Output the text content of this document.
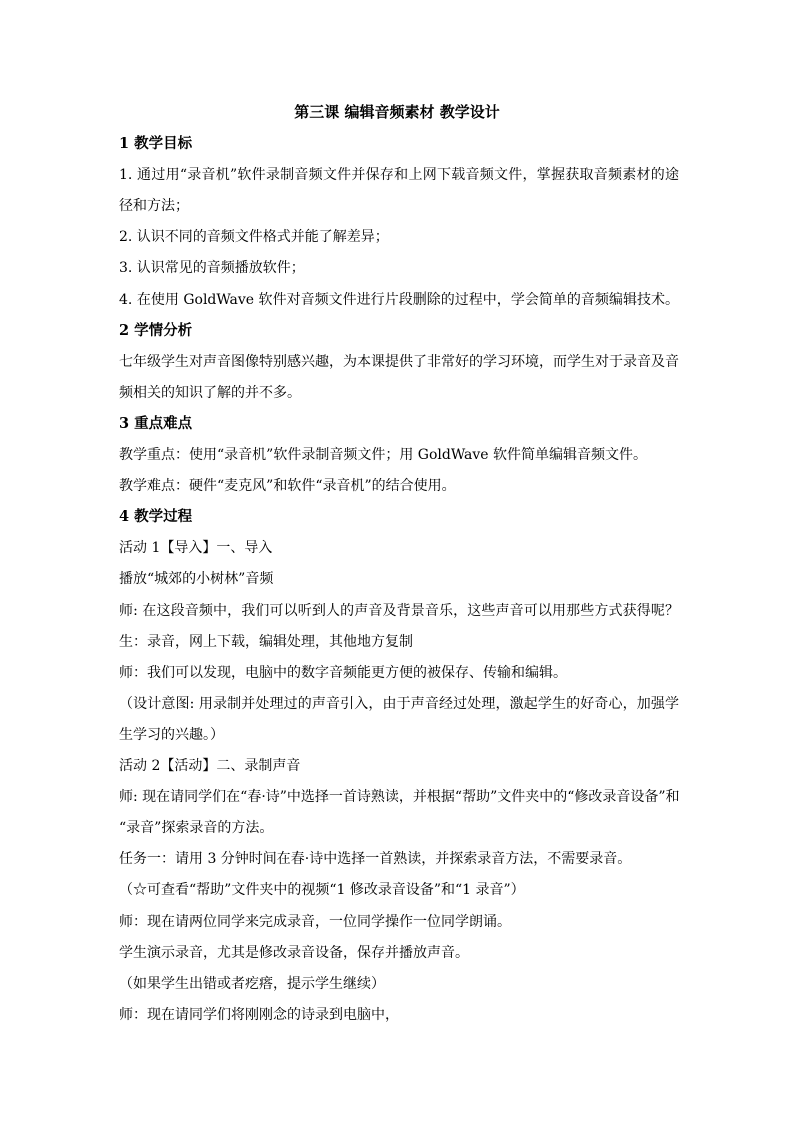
第三课 编辑音频素材 教学设计
1 教学目标
1. 通过用“录音机”软件录制音频文件并保存和上网下载音频文件，掌握获取音频素材的途
径和方法；
2. 认识不同的音频文件格式并能了解差异；
3. 认识常见的音频播放软件；
4. 在使用 GoldWave 软件对音频文件进行片段删除的过程中，学会简单的音频编辑技术。
2 学情分析
七年级学生对声音图像特别感兴趣，为本课提供了非常好的学习环境，而学生对于录音及音
频相关的知识了解的并不多。
3 重点难点
教学重点：使用“录音机”软件录制音频文件；用 GoldWave 软件简单编辑音频文件。
教学难点：硬件“麦克风”和软件“录音机”的结合使用。
4 教学过程
活动 1【导入】一、导入
播放“城郊的小树林”音频
师: 在这段音频中，我们可以听到人的声音及背景音乐，这些声音可以用那些方式获得呢？
生：录音，网上下载，编辑处理，其他地方复制
师：我们可以发现，电脑中的数字音频能更方便的被保存、传输和编辑。
（设计意图: 用录制并处理过的声音引入，由于声音经过处理，激起学生的好奇心，加强学
生学习的兴趣。）
活动 2【活动】二、录制声音
师: 现在请同学们在“春·诗”中选择一首诗熟读，并根据“帮助”文件夹中的“修改录音设备”和
“录音”探索录音的方法。
任务一：请用 3 分钟时间在春·诗中选择一首熟读，并探索录音方法，不需要录音。
（☆可查看“帮助”文件夹中的视频“1 修改录音设备”和“1 录音”）
师：现在请两位同学来完成录音，一位同学操作一位同学朗诵。
学生演示录音，尤其是修改录音设备，保存并播放声音。
（如果学生出错或者疙瘩，提示学生继续）
师：现在请同学们将刚刚念的诗录到电脑中，
